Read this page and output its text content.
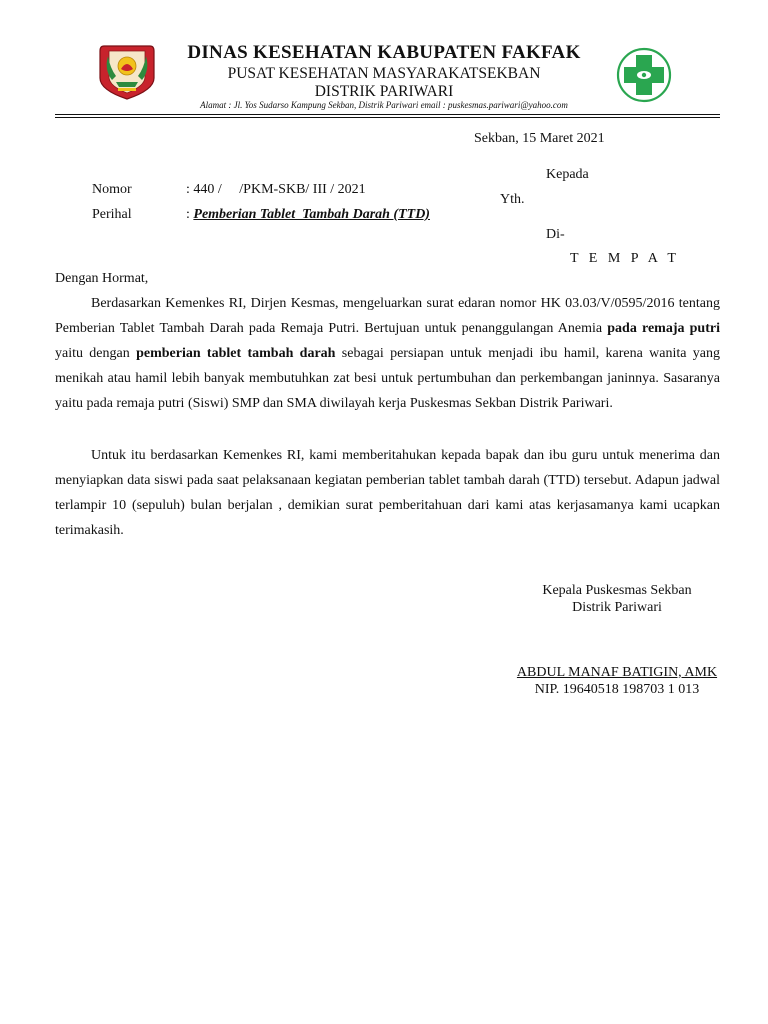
DINAS KESEHATAN KABUPATEN FAKFAK
PUSAT KESEHATAN MASYARAKATSEKBAN
DISTRIK PARIWARI
Alamat : Jl. Yos Sudarso Kampung Sekban, Distrik Pariwari email : puskesmas.pariwari@yahoo.com
Sekban, 15 Maret 2021
Kepada
Yth.
Di-
T E M P A T
Nomor	: 440 /     /PKM-SKB/ III / 2021
Perihal	: Pemberian Tablet  Tambah Darah (TTD)
Dengan Hormat,
Berdasarkan Kemenkes RI, Dirjen Kesmas, mengeluarkan surat edaran nomor HK 03.03/V/0595/2016 tentang Pemberian Tablet Tambah Darah pada Remaja Putri. Bertujuan untuk penanggulangan Anemia pada remaja putri yaitu dengan pemberian tablet tambah darah sebagai persiapan untuk menjadi ibu hamil, karena wanita yang menikah atau hamil lebih banyak membutuhkan zat besi untuk pertumbuhan dan perkembangan janinnya. Sasaranya yaitu pada remaja putri (Siswi) SMP dan SMA diwilayah kerja Puskesmas Sekban Distrik Pariwari.
Untuk itu berdasarkan Kemenkes RI, kami memberitahukan kepada bapak dan ibu guru untuk menerima dan menyiapkan data siswi pada saat pelaksanaan kegiatan pemberian tablet tambah darah (TTD) tersebut. Adapun jadwal terlampir 10 (sepuluh) bulan berjalan , demikian surat pemberitahuan dari kami atas kerjasamanya kami ucapkan terimakasih.
Kepala Puskesmas Sekban
Distrik Pariwari
ABDUL MANAF BATIGIN, AMK
NIP. 19640518 198703 1 013
